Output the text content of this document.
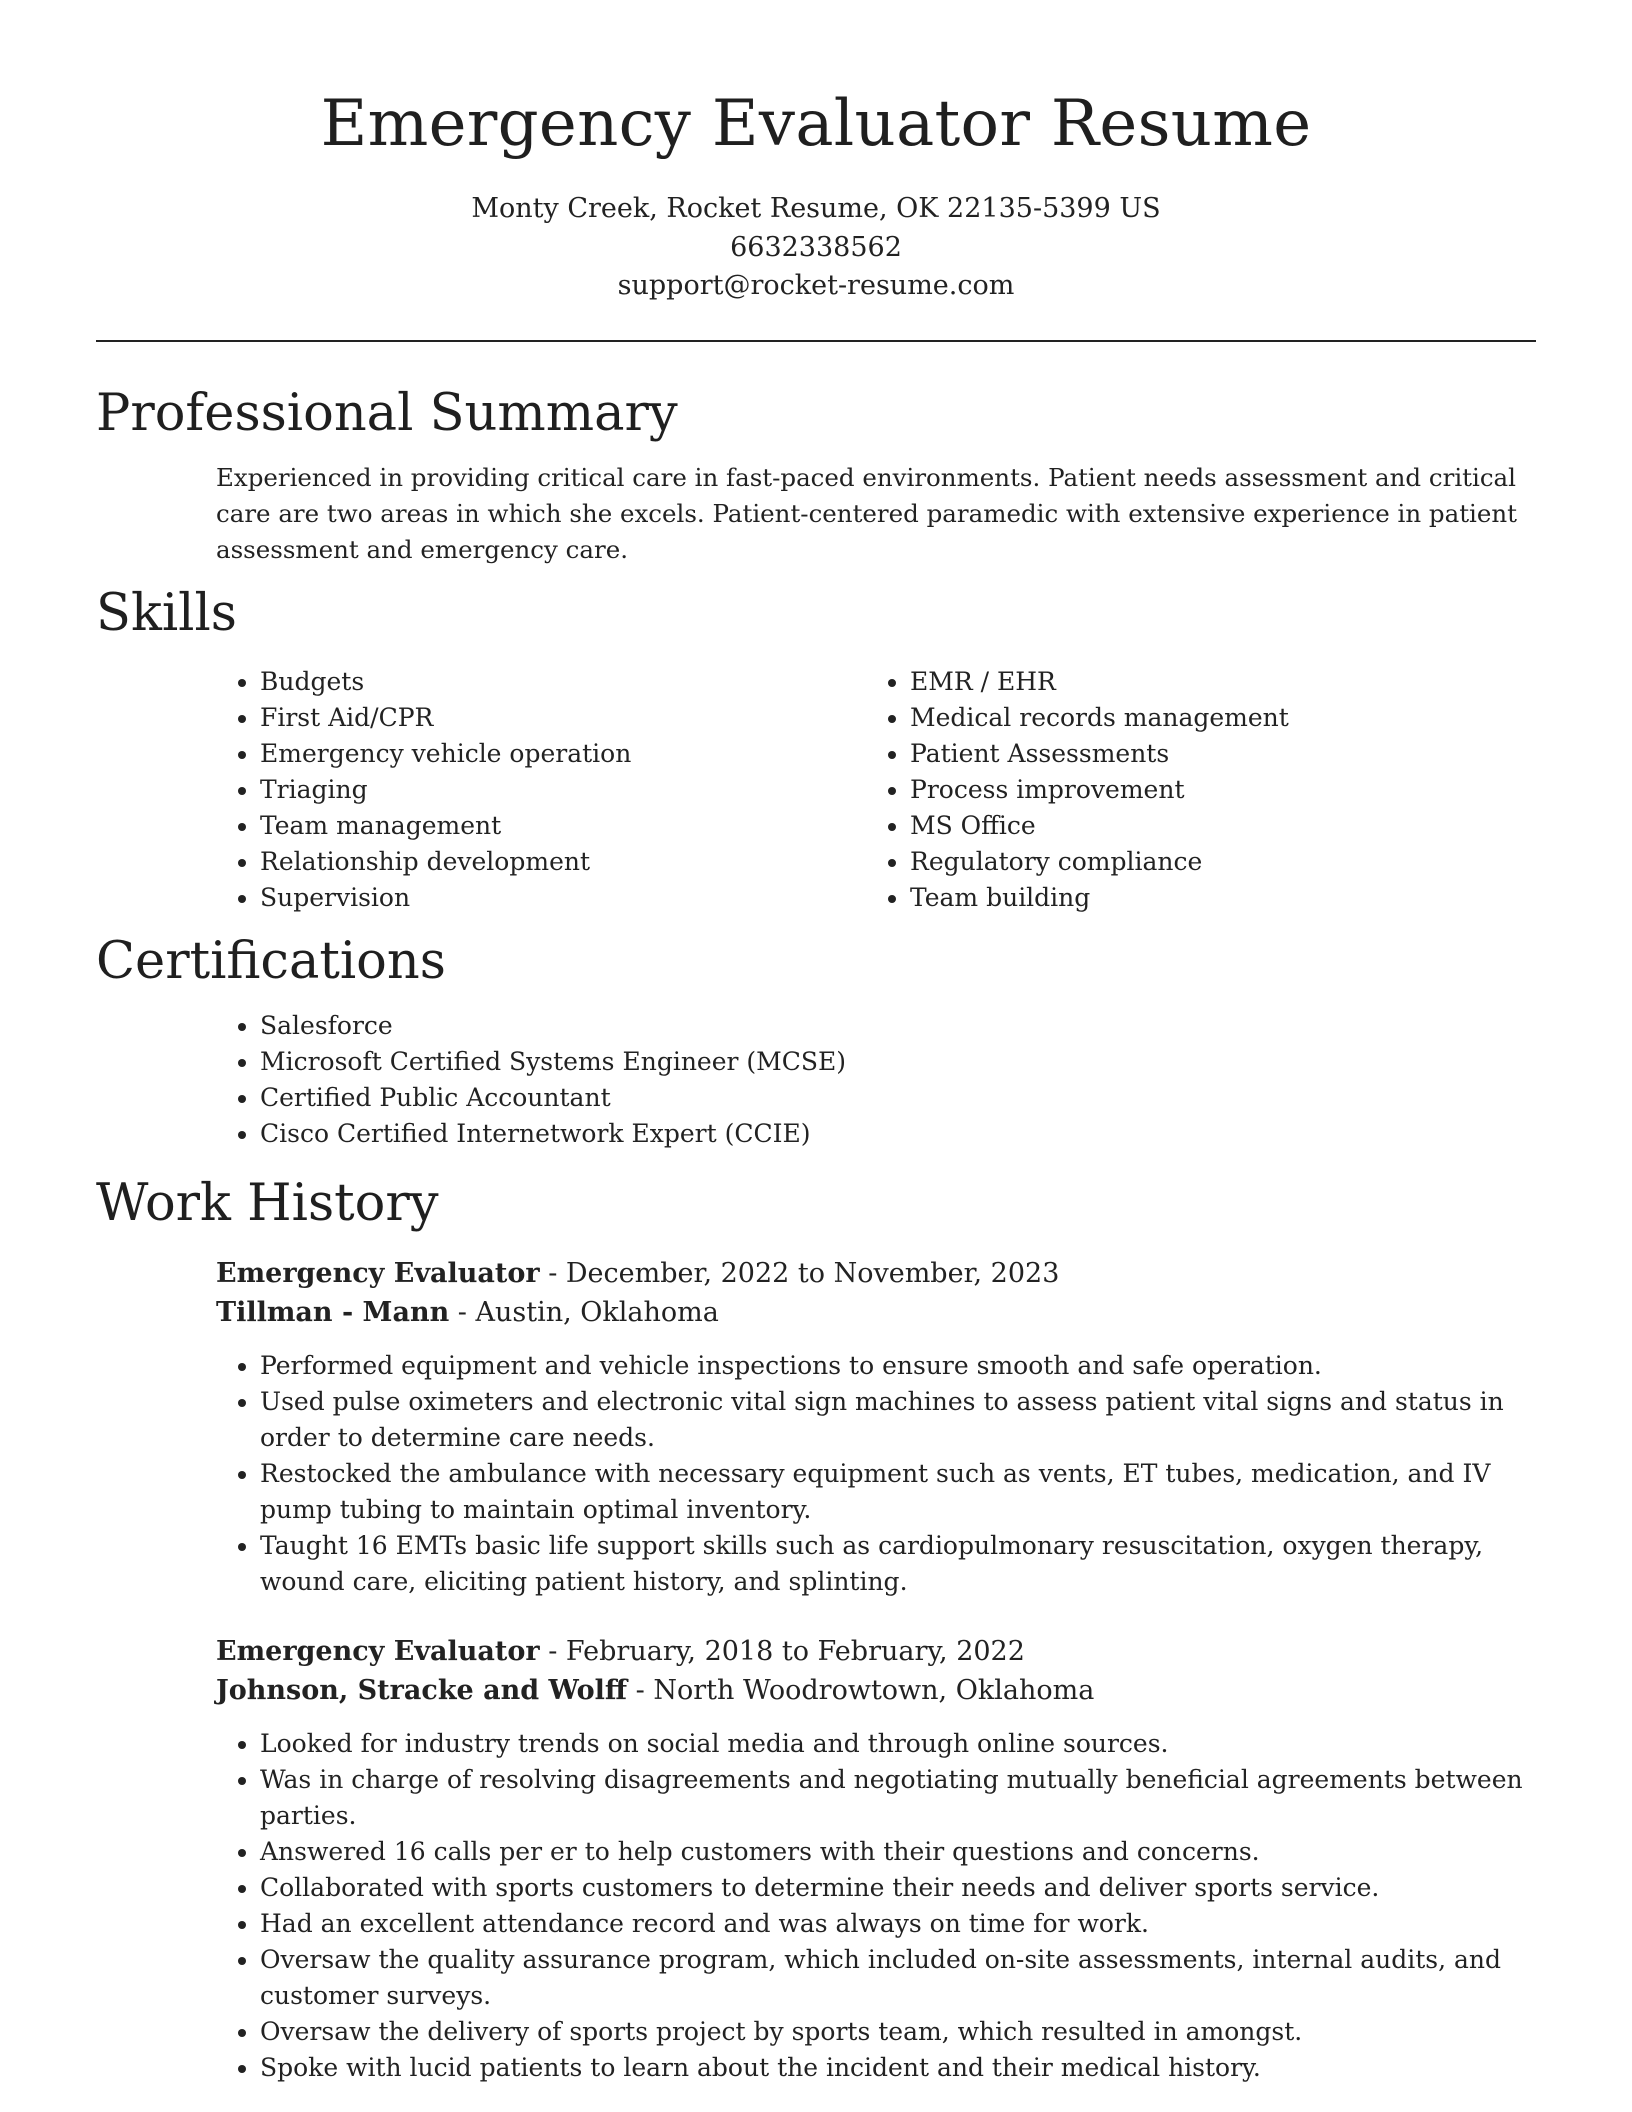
Emergency Evaluator Resume
Monty Creek, Rocket Resume, OK 22135-5399 US
6632338562
support@rocket-resume.com
Professional Summary

Experienced in providing critical care in fast-paced environments. Patient needs assessment and critical care are two areas in which she excels. Patient-centered paramedic with extensive experience in patient assessment and emergency care.

Skills
• Budgets
• First Aid/CPR
• Emergency vehicle operation
• Triaging
• Team management
• Relationship development
• Supervision
• EMR / EHR
• Medical records management
• Patient Assessments
• Process improvement
• MS Office
• Regulatory compliance
• Team building
Certifications
• Salesforce
• Microsoft Certified Systems Engineer (MCSE)
• Certified Public Accountant
• Cisco Certified Internetwork Expert (CCIE)
Work History
Emergency Evaluator - December, 2022 to November, 2023
Tillman - Mann - Austin, Oklahoma
• Performed equipment and vehicle inspections to ensure smooth and safe operation.
• Used pulse oximeters and electronic vital sign machines to assess patient vital signs and status in order to determine care needs.
• Restocked the ambulance with necessary equipment such as vents, ET tubes, medication, and IV pump tubing to maintain optimal inventory.
• Taught 16 EMTs basic life support skills such as cardiopulmonary resuscitation, oxygen therapy, wound care, eliciting patient history, and splinting.
Emergency Evaluator - February, 2018 to February, 2022
Johnson, Stracke and Wolff - North Woodrowtown, Oklahoma
• Looked for industry trends on social media and through online sources.
• Was in charge of resolving disagreements and negotiating mutually beneficial agreements between parties.
• Answered 16 calls per er to help customers with their questions and concerns.
• Collaborated with sports customers to determine their needs and deliver sports service.
• Had an excellent attendance record and was always on time for work.
• Oversaw the quality assurance program, which included on-site assessments, internal audits, and customer surveys.
• Oversaw the delivery of sports project by sports team, which resulted in amongst.
• Spoke with lucid patients to learn about the incident and their medical history.
